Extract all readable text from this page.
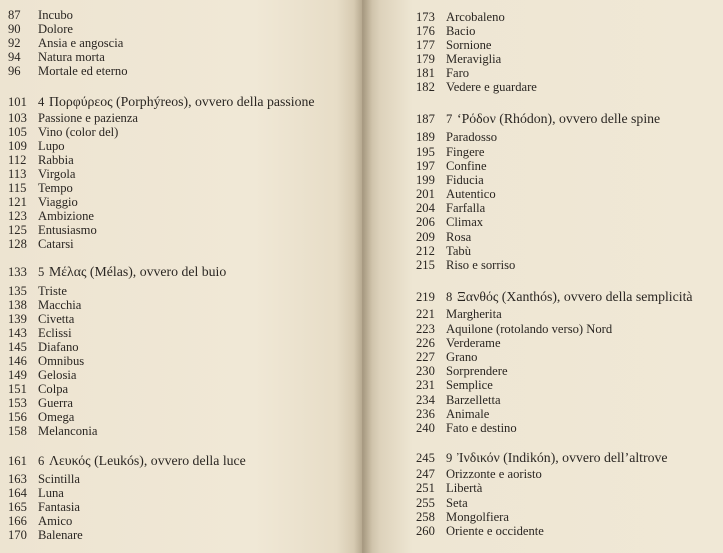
87	Incubo
90	Dolore
92	Ansia e angoscia
94	Natura morta
96	Mortale ed eterno
101 4 Πορφύρεος (Porphýreos), ovvero della passione
103 Passione e pazienza
105 Vino (color del)
109 Lupo
112 Rabbia
113 Virgola
115 Tempo
121 Viaggio
123 Ambizione
125 Entusiasmo
128 Catarsi
133 5 Μέλας (Mélas), ovvero del buio
135 Triste
138 Macchia
139 Civetta
143 Eclissi
145 Diafano
146 Omnibus
149 Gelosia
151 Colpa
153 Guerra
156 Omega
158 Melanconia
161 6 Λευκός (Leukós), ovvero della luce
163 Scintilla
164 Luna
165 Fantasia
166 Amico
170 Balenare
173 Arcobaleno
176 Bacio
177 Sornione
179 Meraviglia
181 Faro
182 Vedere e guardare
187 7 ‘Ρόδον (Rhódon), ovvero delle spine
189 Paradosso
195 Fingere
197 Confine
199 Fiducia
201 Autentico
204 Farfalla
206 Climax
209 Rosa
212 Tabù
215 Riso e sorriso
219 8 Ξανθός (Xanthós), ovvero della semplicità
221 Margherita
223 Aquilone (rotolando verso) Nord
226 Verderame
227 Grano
230 Sorprendere
231 Semplice
234 Barzelletta
236 Animale
240 Fato e destino
245 9 Ἰνδικόν (Indikón), ovvero dell’altrove
247 Orizzonte e aoristo
251 Libertà
255 Seta
258 Mongolfiera
260 Oriente e occidente
